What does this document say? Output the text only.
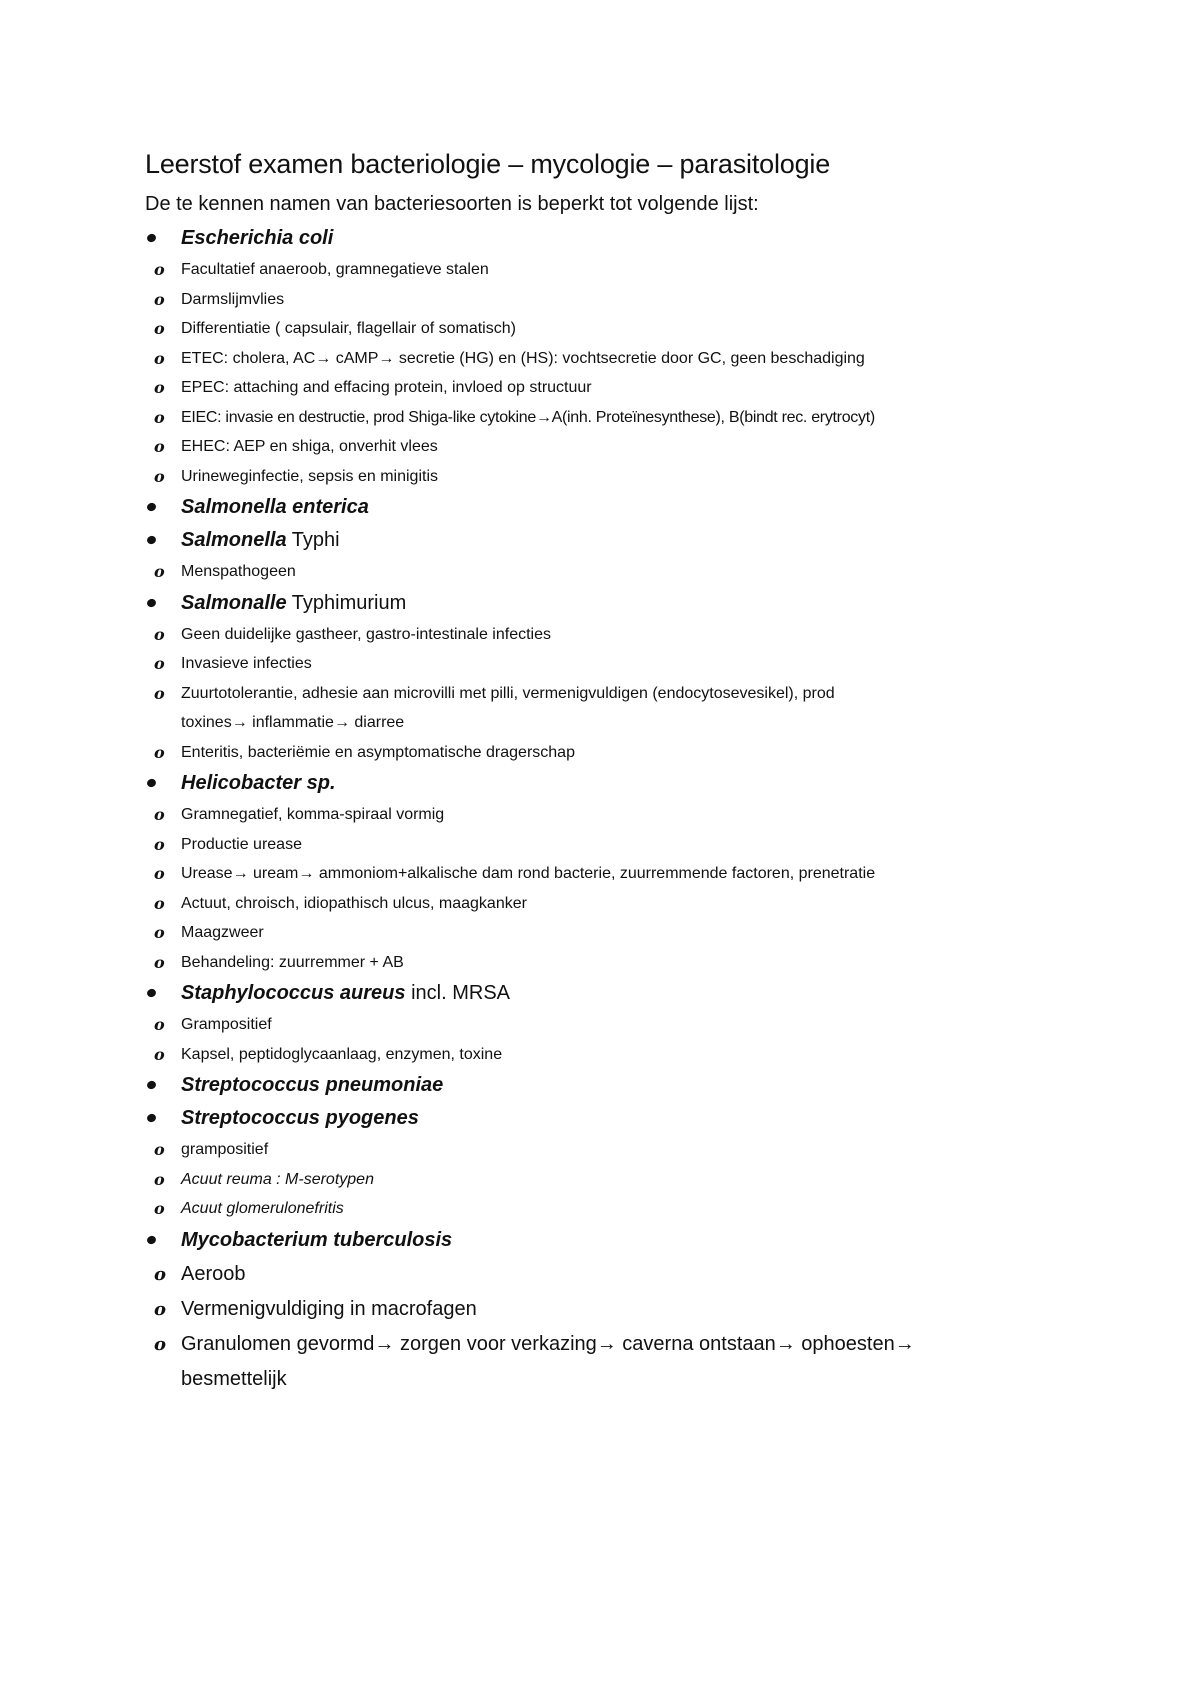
Leerstof examen bacteriologie – mycologie – parasitologie

De te kennen namen van bacteriesoorten is beperkt tot volgende lijst:

Escherichia coli
o Facultatief anaeroob, gramnegatieve stalen
o Darmslijmvlies
o Differentiatie ( capsulair, flagellair of somatisch)
o ETEC: cholera, AC→ cAMP→ secretie (HG) en (HS): vochtsecretie door GC, geen beschadiging
o EPEC: attaching and effacing protein, invloed op structuur
o EIEC: invasie en destructie, prod Shiga-like cytokine→A(inh. Proteïnesynthese), B(bindt rec. erytrocyt)
o EHEC: AEP en shiga, onverhit vlees
o Urineweginfectie, sepsis en minigitis
Salmonella enterica
Salmonella Typhi
o Menspathogeen
Salmonalle Typhimurium
o Geen duidelijke gastheer, gastro-intestinale infecties
o Invasieve infecties
o Zuurtotolerantie, adhesie aan microvilli met pilli, vermenigvuldigen (endocytosevesikel), prod
toxines→ inflammatie→ diarree
o Enteritis, bacteriëmie en asymptomatische dragerschap
Helicobacter sp.
o Gramnegatief, komma-spiraal vormig
o Productie urease
o Urease→ uream→ ammoniom+alkalische dam rond bacterie, zuurremmende factoren, prenetratie
o Actuut, chroisch, idiopathisch ulcus, maagkanker
o Maagzweer
o Behandeling: zuurremmer + AB
Staphylococcus aureus incl. MRSA
o Grampositief
o Kapsel, peptidoglycaanlaag, enzymen, toxine
Streptococcus pneumoniae
Streptococcus pyogenes
o grampositief
o Acuut reuma : M-serotypen
o Acuut glomerulonefritis
Mycobacterium tuberculosis
o Aeroob
o Vermenigvuldiging in macrofagen
o Granulomen gevormd→ zorgen voor verkazing→ caverna ontstaan→ ophoesten→
besmettelijk
